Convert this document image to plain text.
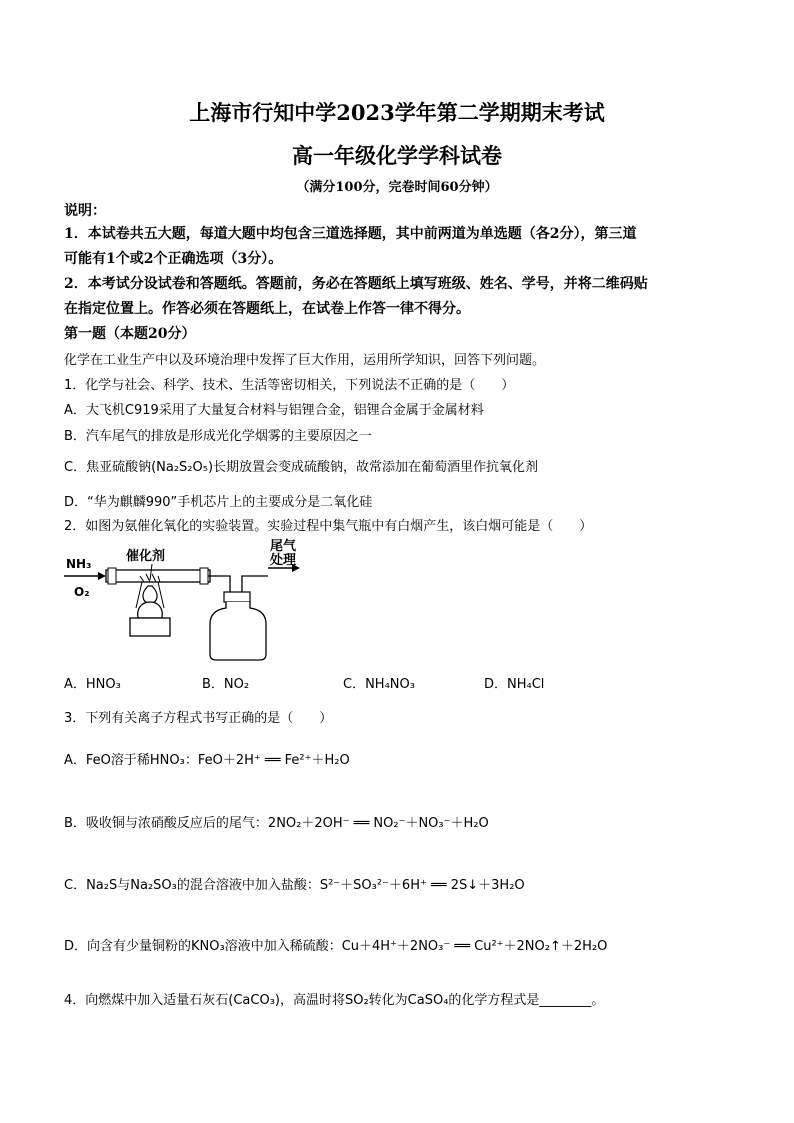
上海市行知中学2023学年第二学期期末考试
高一年级化学学科试卷
（满分100分，完卷时间60分钟）
说明：
1．本试卷共五大题，每道大题中均包含三道选择题，其中前两道为单选题（各2分），第三道
可能有1个或2个正确选项（3分）。
2．本考试分设试卷和答题纸。答题前，务必在答题纸上填写班级、姓名、学号，并将二维码贴
在指定位置上。作答必须在答题纸上，在试卷上作答一律不得分。
第一题（本题20分）
化学在工业生产中以及环境治理中发挥了巨大作用，运用所学知识，回答下列问题。
1．化学与社会、科学、技术、生活等密切相关，下列说法不正确的是（　　）
A．大飞机C919采用了大量复合材料与铝锂合金，铝锂合金属于金属材料
B．汽车尾气的排放是形成光化学烟雾的主要原因之一
C．焦亚硫酸钠(Na₂S₂O₅)长期放置会变成硫酸钠，故常添加在葡萄酒里作抗氧化剂
D．“华为麒麟990”手机芯片上的主要成分是二氧化硅
2．如图为氨催化氧化的实验装置。实验过程中集气瓶中有白烟产生，该白烟可能是（　　）
NH₃
O₂
催化剂
尾气
处理
A．HNO₃	B．NO₂	C．NH₄NO₃	D．NH₄Cl
3．下列有关离子方程式书写正确的是（　　）
A．FeO溶于稀HNO₃：FeO＋2H⁺ ══ Fe²⁺＋H₂O
B．吸收铜与浓硝酸反应后的尾气：2NO₂＋2OH⁻ ══ NO₂⁻＋NO₃⁻＋H₂O
C．Na₂S与Na₂SO₃的混合溶液中加入盐酸：S²⁻＋SO₃²⁻＋6H⁺ ══ 2S↓＋3H₂O
D．向含有少量铜粉的KNO₃溶液中加入稀硫酸：Cu＋4H⁺＋2NO₃⁻ ══ Cu²⁺＋2NO₂↑＋2H₂O
4．向燃煤中加入适量石灰石(CaCO₃)，高温时将SO₂转化为CaSO₄的化学方程式是________。
